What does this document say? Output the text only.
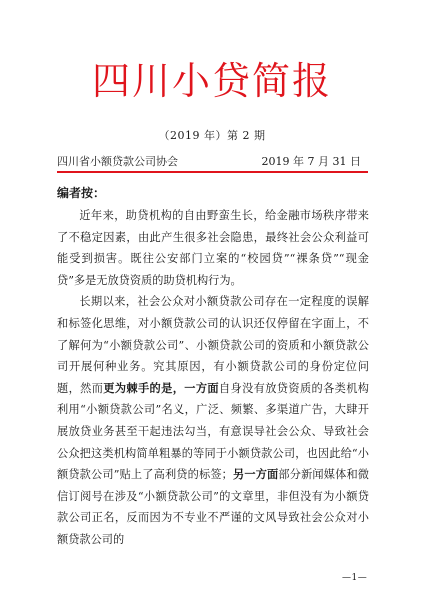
四川小贷简报
（2019 年）第 2 期
四川省小额贷款公司协会	2019 年 7 月 31 日
编者按：

近年来，助贷机构的自由野蛮生长，给金融市场秩序带来了不稳定因素，由此产生很多社会隐患，最终社会公众利益可能受到损害。既往公安部门立案的“校园贷”“裸条贷”“现金贷”多是无放贷资质的助贷机构行为。

长期以来，社会公众对小额贷款公司存在一定程度的误解和标签化思维，对小额贷款公司的认识还仅停留在字面上，不了解何为“小额贷款公司”、小额贷款公司的资质和小额贷款公司开展何种业务。究其原因，有小额贷款公司的身份定位问题，然而更为棘手的是，一方面自身没有放贷资质的各类机构利用“小额贷款公司”名义，广泛、频繁、多渠道广告，大肆开展放贷业务甚至干起违法勾当，有意误导社会公众、导致社会公众把这类机构简单粗暴的等同于小额贷款公司，也因此给“小额贷款公司”贴上了高利贷的标签；另一方面部分新闻媒体和微信订阅号在涉及“小额贷款公司”的文章里，非但没有为小额贷款公司正名，反而因为不专业不严谨的文风导致社会公众对小额贷款公司的

—1—
